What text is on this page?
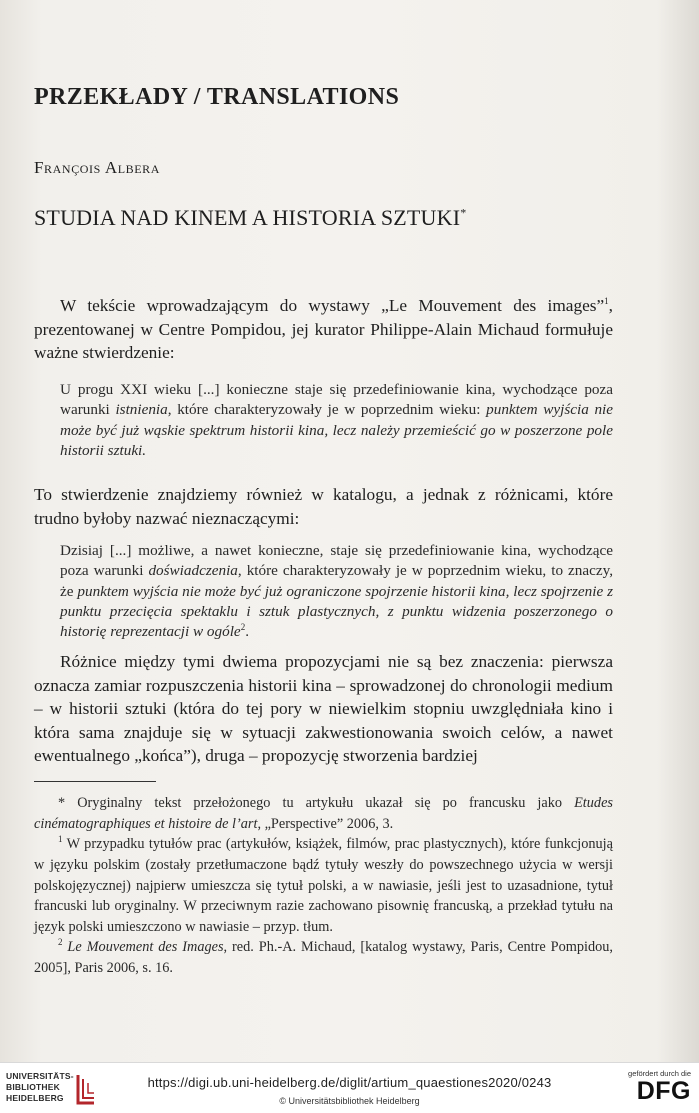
PRZEKŁADY / TRANSLATIONS
François Albera
STUDIA NAD KINEM A HISTORIA SZTUKI*

W tekście wprowadzającym do wystawy „Le Mouvement des images”$^1$, prezentowanej w Centre Pompidou, jej kurator Philippe-Alain Michaud formułuje ważne stwierdzenie:

U progu XXI wieku [...] konieczne staje się przedefiniowanie kina, wychodzące poza warunki istnienia, które charakteryzowały je w poprzednim wieku: punktem wyjścia nie może być już wąskie spektrum historii kina, lecz należy przemieścić go w poszerzone pole historii sztuki.

To stwierdzenie znajdziemy również w katalogu, a jednak z różnicami, które trudno byłoby nazwać nieznaczącymi:

Dzisiaj [...] możliwe, a nawet konieczne, staje się przedefiniowanie kina, wychodzące poza warunki doświadczenia, które charakteryzowały je w poprzednim wieku, to znaczy, że punktem wyjścia nie może być już ograniczone spojrzenie historii kina, lecz spojrzenie z punktu przecięcia spektaklu i sztuk plastycznych, z punktu widzenia poszerzonego o historię reprezentacji w ogóle$^2$.

Różnice między tymi dwiema propozycjami nie są bez znaczenia: pierwsza oznacza zamiar rozpuszczenia historii kina – sprowadzonej do chronologii medium – w historii sztuki (która do tej pory w niewielkim stopniu uwzględniała kino i która sama znajduje się w sytuacji zakwestionowania swoich celów, a nawet ewentualnego „końca”), druga – propozycję stworzenia bardziej

* Oryginalny tekst przełożonego tu artykułu ukazał się po francusku jako Etudes cinématographiques et histoire de l’art, „Perspective” 2006, 3.

$^1$ W przypadku tytułów prac (artykułów, książek, filmów, prac plastycznych), które funkcjonują w języku polskim (zostały przetłumaczone bądź tytuły weszły do powszechnego użycia w wersji polskojęzycznej) najpierw umieszcza się tytuł polski, a w nawiasie, jeśli jest to uzasadnione, tytuł francuski lub oryginalny. W przeciwnym razie zachowano pisownię francuską, a przekład tytułu na język polski umieszczono w nawiasie – przyp. tłum.

$^2$ Le Mouvement des Images, red. Ph.-A. Michaud, [katalog wystawy, Paris, Centre Pompidou, 2005], Paris 2006, s. 16.

UNIVERSITÄTS-
BIBLIOTHEK
HEIDELBERG
https://digi.ub.uni-heidelberg.de/diglit/artium_quaestiones2020/0243
© Universitätsbibliothek Heidelberg
gefördert durch die
DFG
